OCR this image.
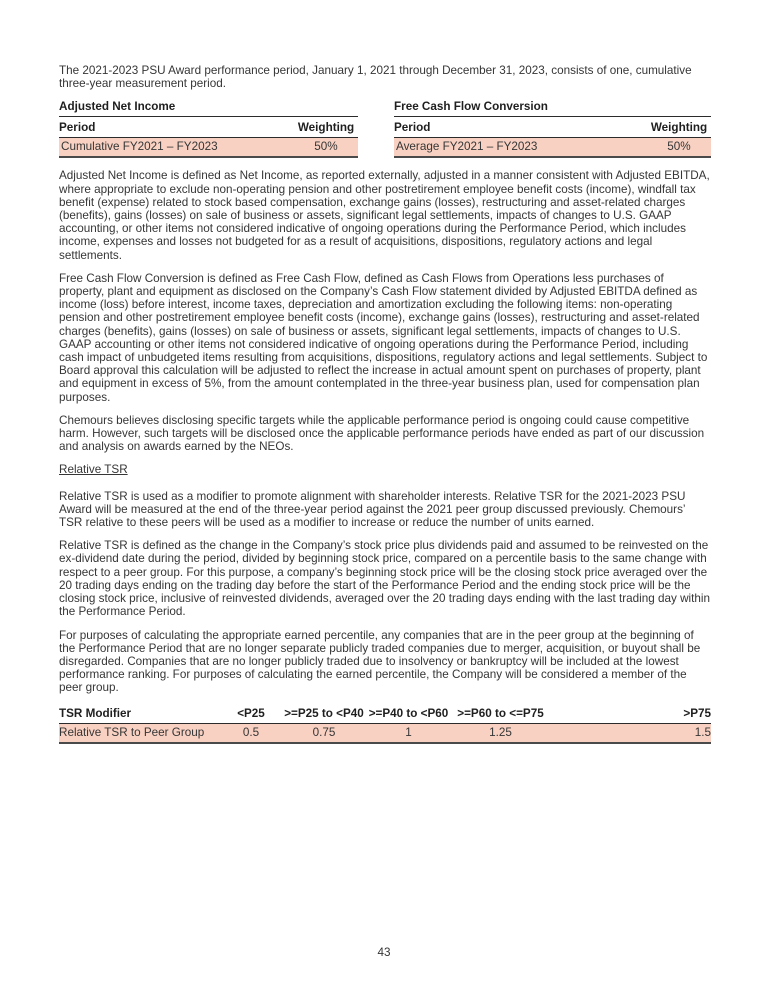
The 2021-2023 PSU Award performance period, January 1, 2021 through December 31, 2023, consists of one, cumulative three-year measurement period.

Adjusted Net Income	
Period	Weighting
Cumulative FY2021 – FY2023	50%
Free Cash Flow Conversion	
Period	Weighting
Average FY2021 – FY2023	50%

Adjusted Net Income is defined as Net Income, as reported externally, adjusted in a manner consistent with Adjusted EBITDA, where appropriate to exclude non-operating pension and other postretirement employee benefit costs (income), windfall tax benefit (expense) related to stock based compensation, exchange gains (losses), restructuring and asset-related charges (benefits), gains (losses) on sale of business or assets, significant legal settlements, impacts of changes to U.S. GAAP accounting, or other items not considered indicative of ongoing operations during the Performance Period, which includes income, expenses and losses not budgeted for as a result of acquisitions, dispositions, regulatory actions and legal settlements.

Free Cash Flow Conversion is defined as Free Cash Flow, defined as Cash Flows from Operations less purchases of property, plant and equipment as disclosed on the Company’s Cash Flow statement divided by Adjusted EBITDA defined as income (loss) before interest, income taxes, depreciation and amortization excluding the following items: non-operating pension and other postretirement employee benefit costs (income), exchange gains (losses), restructuring and asset-related charges (benefits), gains (losses) on sale of business or assets, significant legal settlements, impacts of changes to U.S. GAAP accounting or other items not considered indicative of ongoing operations during the Performance Period, including cash impact of unbudgeted items resulting from acquisitions, dispositions, regulatory actions and legal settlements. Subject to Board approval this calculation will be adjusted to reflect the increase in actual amount spent on purchases of property, plant and equipment in excess of 5%, from the amount contemplated in the three-year business plan, used for compensation plan purposes.

Chemours believes disclosing specific targets while the applicable performance period is ongoing could cause competitive harm. However, such targets will be disclosed once the applicable performance periods have ended as part of our discussion and analysis on awards earned by the NEOs.

Relative TSR

Relative TSR is used as a modifier to promote alignment with shareholder interests. Relative TSR for the 2021-2023 PSU Award will be measured at the end of the three-year period against the 2021 peer group discussed previously. Chemours’ TSR relative to these peers will be used as a modifier to increase or reduce the number of units earned.

Relative TSR is defined as the change in the Company’s stock price plus dividends paid and assumed to be reinvested on the ex-dividend date during the period, divided by beginning stock price, compared on a percentile basis to the same change with respect to a peer group. For this purpose, a company’s beginning stock price will be the closing stock price averaged over the 20 trading days ending on the trading day before the start of the Performance Period and the ending stock price will be the closing stock price, inclusive of reinvested dividends, averaged over the 20 trading days ending with the last trading day within the Performance Period.

For purposes of calculating the appropriate earned percentile, any companies that are in the peer group at the beginning of the Performance Period that are no longer separate publicly traded companies due to merger, acquisition, or buyout shall be disregarded. Companies that are no longer publicly traded due to insolvency or bankruptcy will be included at the lowest performance ranking. For purposes of calculating the earned percentile, the Company will be considered a member of the peer group.

TSR Modifier	<P25	>=P25 to <P40	>=P40 to <P60	>=P60 to <=P75	>P75
Relative TSR to Peer Group	0.5	0.75	1	1.25	1.5
43
